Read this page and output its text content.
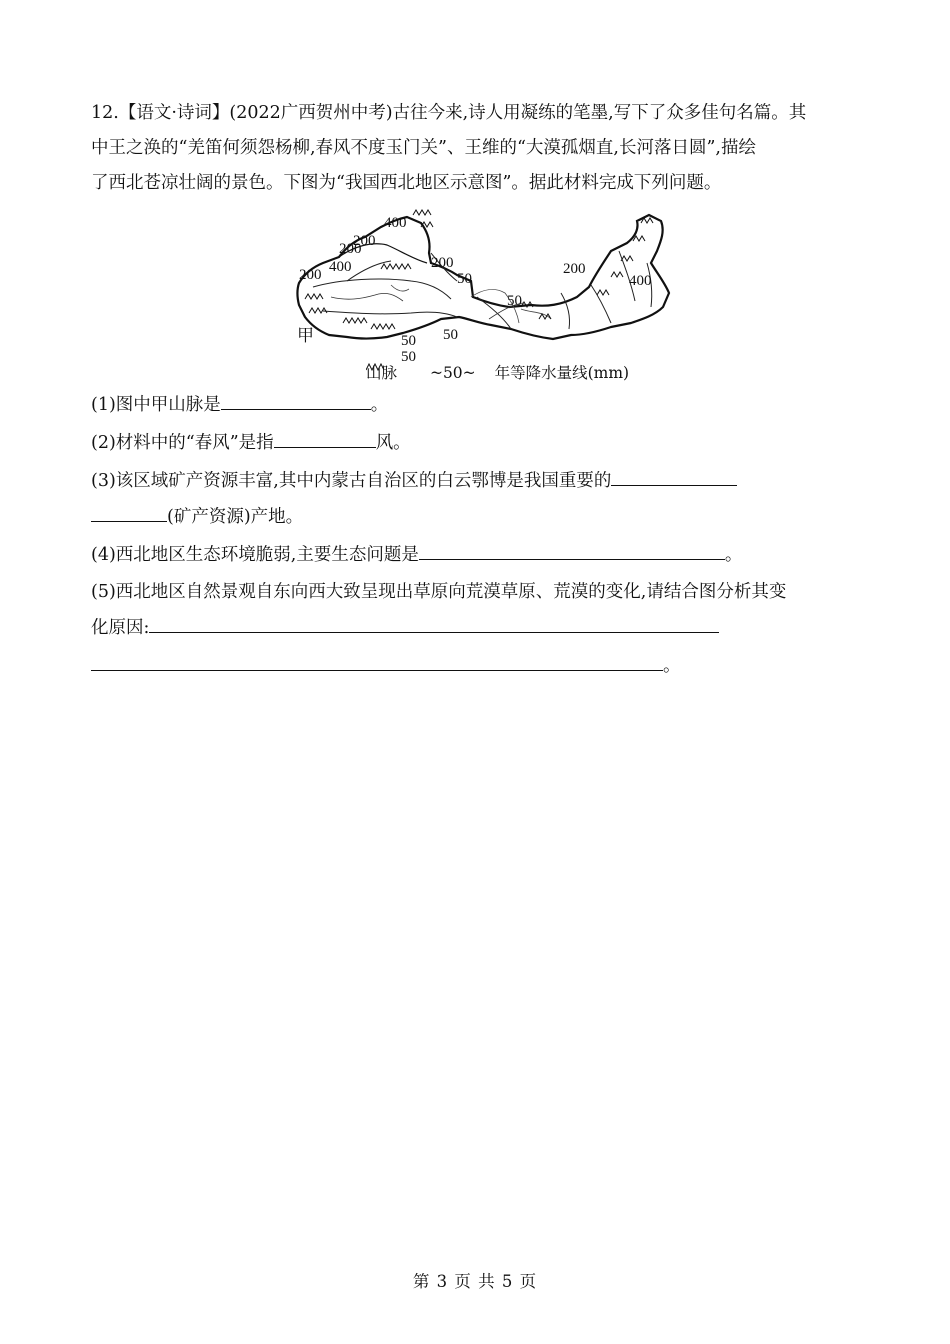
12.【语文·诗词】(2022广西贺州中考)古往今来,诗人用凝练的笔墨,写下了众多佳句名篇。其
中王之涣的“羌笛何须怨杨柳,春风不度玉门关”、王维的“大漠孤烟直,长河落日圆”,描绘
了西北苍凉壮阔的景色。下图为“我国西北地区示意图”。据此材料完成下列问题。
400
200
200
200 400	200
50
200
400
50
50
50
50
甲
山脉 ~50~ 年等降水量线(mm)
(1)图中甲山脉是	。
(2)材料中的“春风”是指	风。
(3)该区域矿产资源丰富,其中内蒙古自治区的白云鄂博是我国重要的
(矿产资源)产地。
(4)西北地区生态环境脆弱,主要生态问题是	。
(5)西北地区自然景观自东向西大致呈现出草原向荒漠草原、荒漠的变化,请结合图分析其变
化原因:
。
第 3 页 共 5 页
